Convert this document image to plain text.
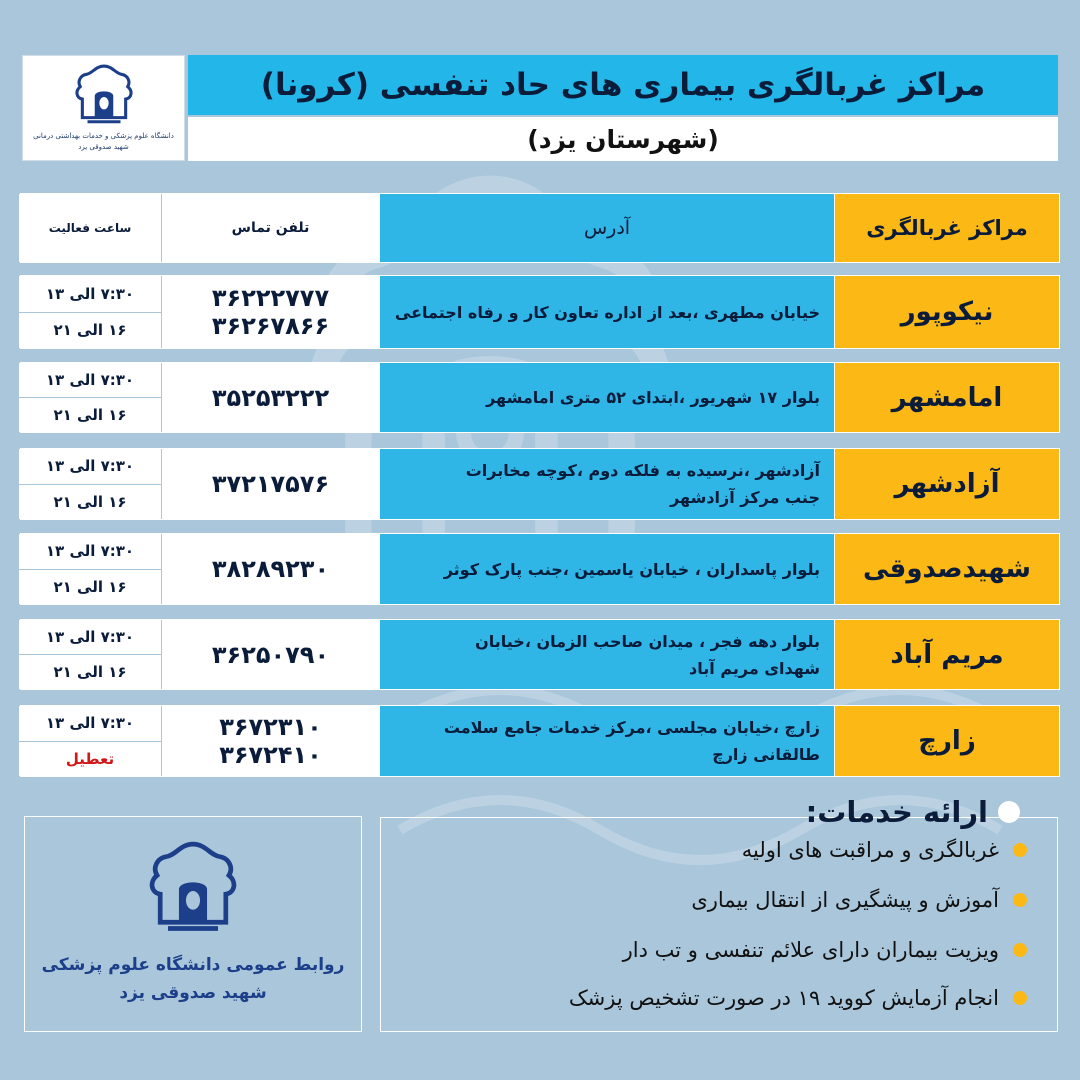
دانشگاه علوم پزشکی و خدمات بهداشتی درمانی
شهید صدوقی یزد
مراکز غربالگری بیماری های حاد تنفسی (کرونا)
(شهرستان یزد)
مراکز غربالگری
آدرس
تلفن تماس
ساعت فعالیت
نیکوپور
خیابان مطهری ،بعد از اداره تعاون کار و رفاه اجتماعی
۳۶۲۲۲۷۷۷
۳۶۲۶۷۸۶۶
۷:۳۰ الی ۱۳
۱۶ الی ۲۱
امامشهر
بلوار ۱۷ شهریور ،ابتدای ۵۲ متری امامشهر
۳۵۲۵۳۲۲۲
۷:۳۰ الی ۱۳
۱۶ الی ۲۱
آزادشهر
آزادشهر ،نرسیده به فلکه دوم ،کوچه مخابرات
جنب مرکز آزادشهر
۳۷۲۱۷۵۷۶
۷:۳۰ الی ۱۳
۱۶ الی ۲۱
شهیدصدوقی
بلوار پاسداران ، خیابان یاسمین ،جنب پارک کوثر
۳۸۲۸۹۲۳۰
۷:۳۰ الی ۱۳
۱۶ الی ۲۱
مریم آباد
بلوار دهه فجر ، میدان صاحب الزمان ،خیابان
شهدای مریم آباد
۳۶۲۵۰۷۹۰
۷:۳۰ الی ۱۳
۱۶ الی ۲۱
زارچ
زارچ ،خیابان مجلسی ،مرکز خدمات جامع سلامت
طالقانی زارچ
۳۶۷۲۳۱۰
۳۶۷۲۴۱۰
۷:۳۰ الی ۱۳
تعطیل
غربالگری و مراقبت های اولیه
آموزش و پیشگیری از انتقال بیماری
ویزیت بیماران دارای علائم تنفسی و تب دار
انجام آزمایش کووید ۱۹ در صورت تشخیص پزشک
ارائه خدمات:
روابط عمومی دانشگاه علوم پزشکی
شهید صدوقی یزد
